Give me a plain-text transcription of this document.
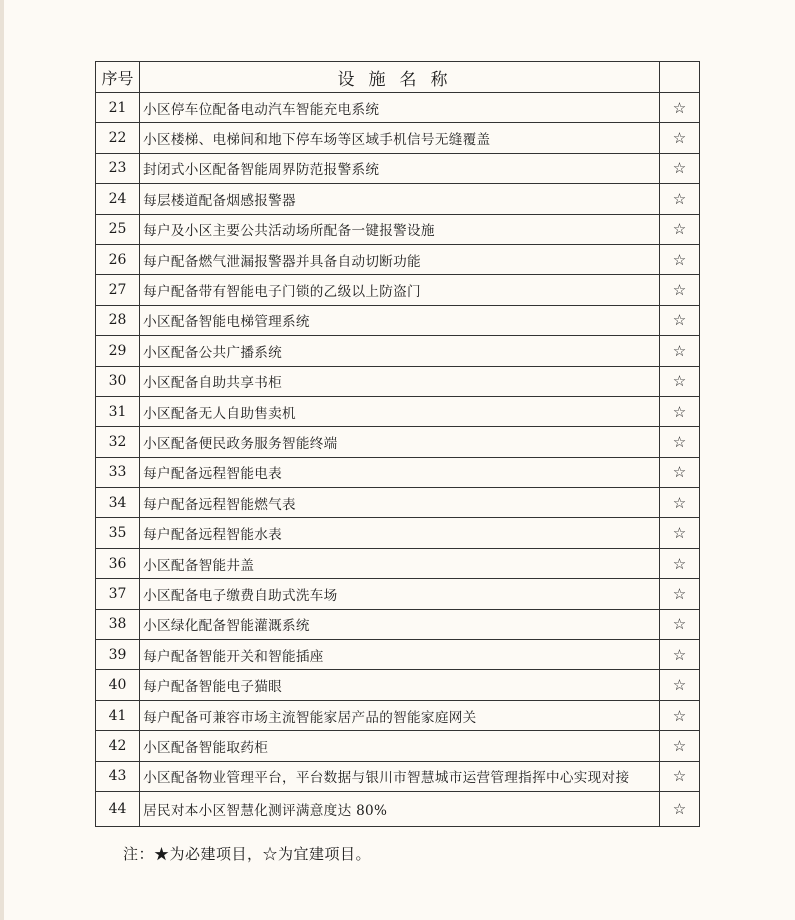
序号	设施名称	
21	小区停车位配备电动汽车智能充电系统	☆
22	小区楼梯、电梯间和地下停车场等区域手机信号无缝覆盖	☆
23	封闭式小区配备智能周界防范报警系统	☆
24	每层楼道配备烟感报警器	☆
25	每户及小区主要公共活动场所配备一键报警设施	☆
26	每户配备燃气泄漏报警器并具备自动切断功能	☆
27	每户配备带有智能电子门锁的乙级以上防盗门	☆
28	小区配备智能电梯管理系统	☆
29	小区配备公共广播系统	☆
30	小区配备自助共享书柜	☆
31	小区配备无人自助售卖机	☆
32	小区配备便民政务服务智能终端	☆
33	每户配备远程智能电表	☆
34	每户配备远程智能燃气表	☆
35	每户配备远程智能水表	☆
36	小区配备智能井盖	☆
37	小区配备电子缴费自助式洗车场	☆
38	小区绿化配备智能灌溉系统	☆
39	每户配备智能开关和智能插座	☆
40	每户配备智能电子猫眼	☆
41	每户配备可兼容市场主流智能家居产品的智能家庭网关	☆
42	小区配备智能取药柜	☆
43	小区配备物业管理平台，平台数据与银川市智慧城市运营管理指挥中心实现对接	☆
44	居民对本小区智慧化测评满意度达 80%	☆
注：★为必建项目，☆为宜建项目。
